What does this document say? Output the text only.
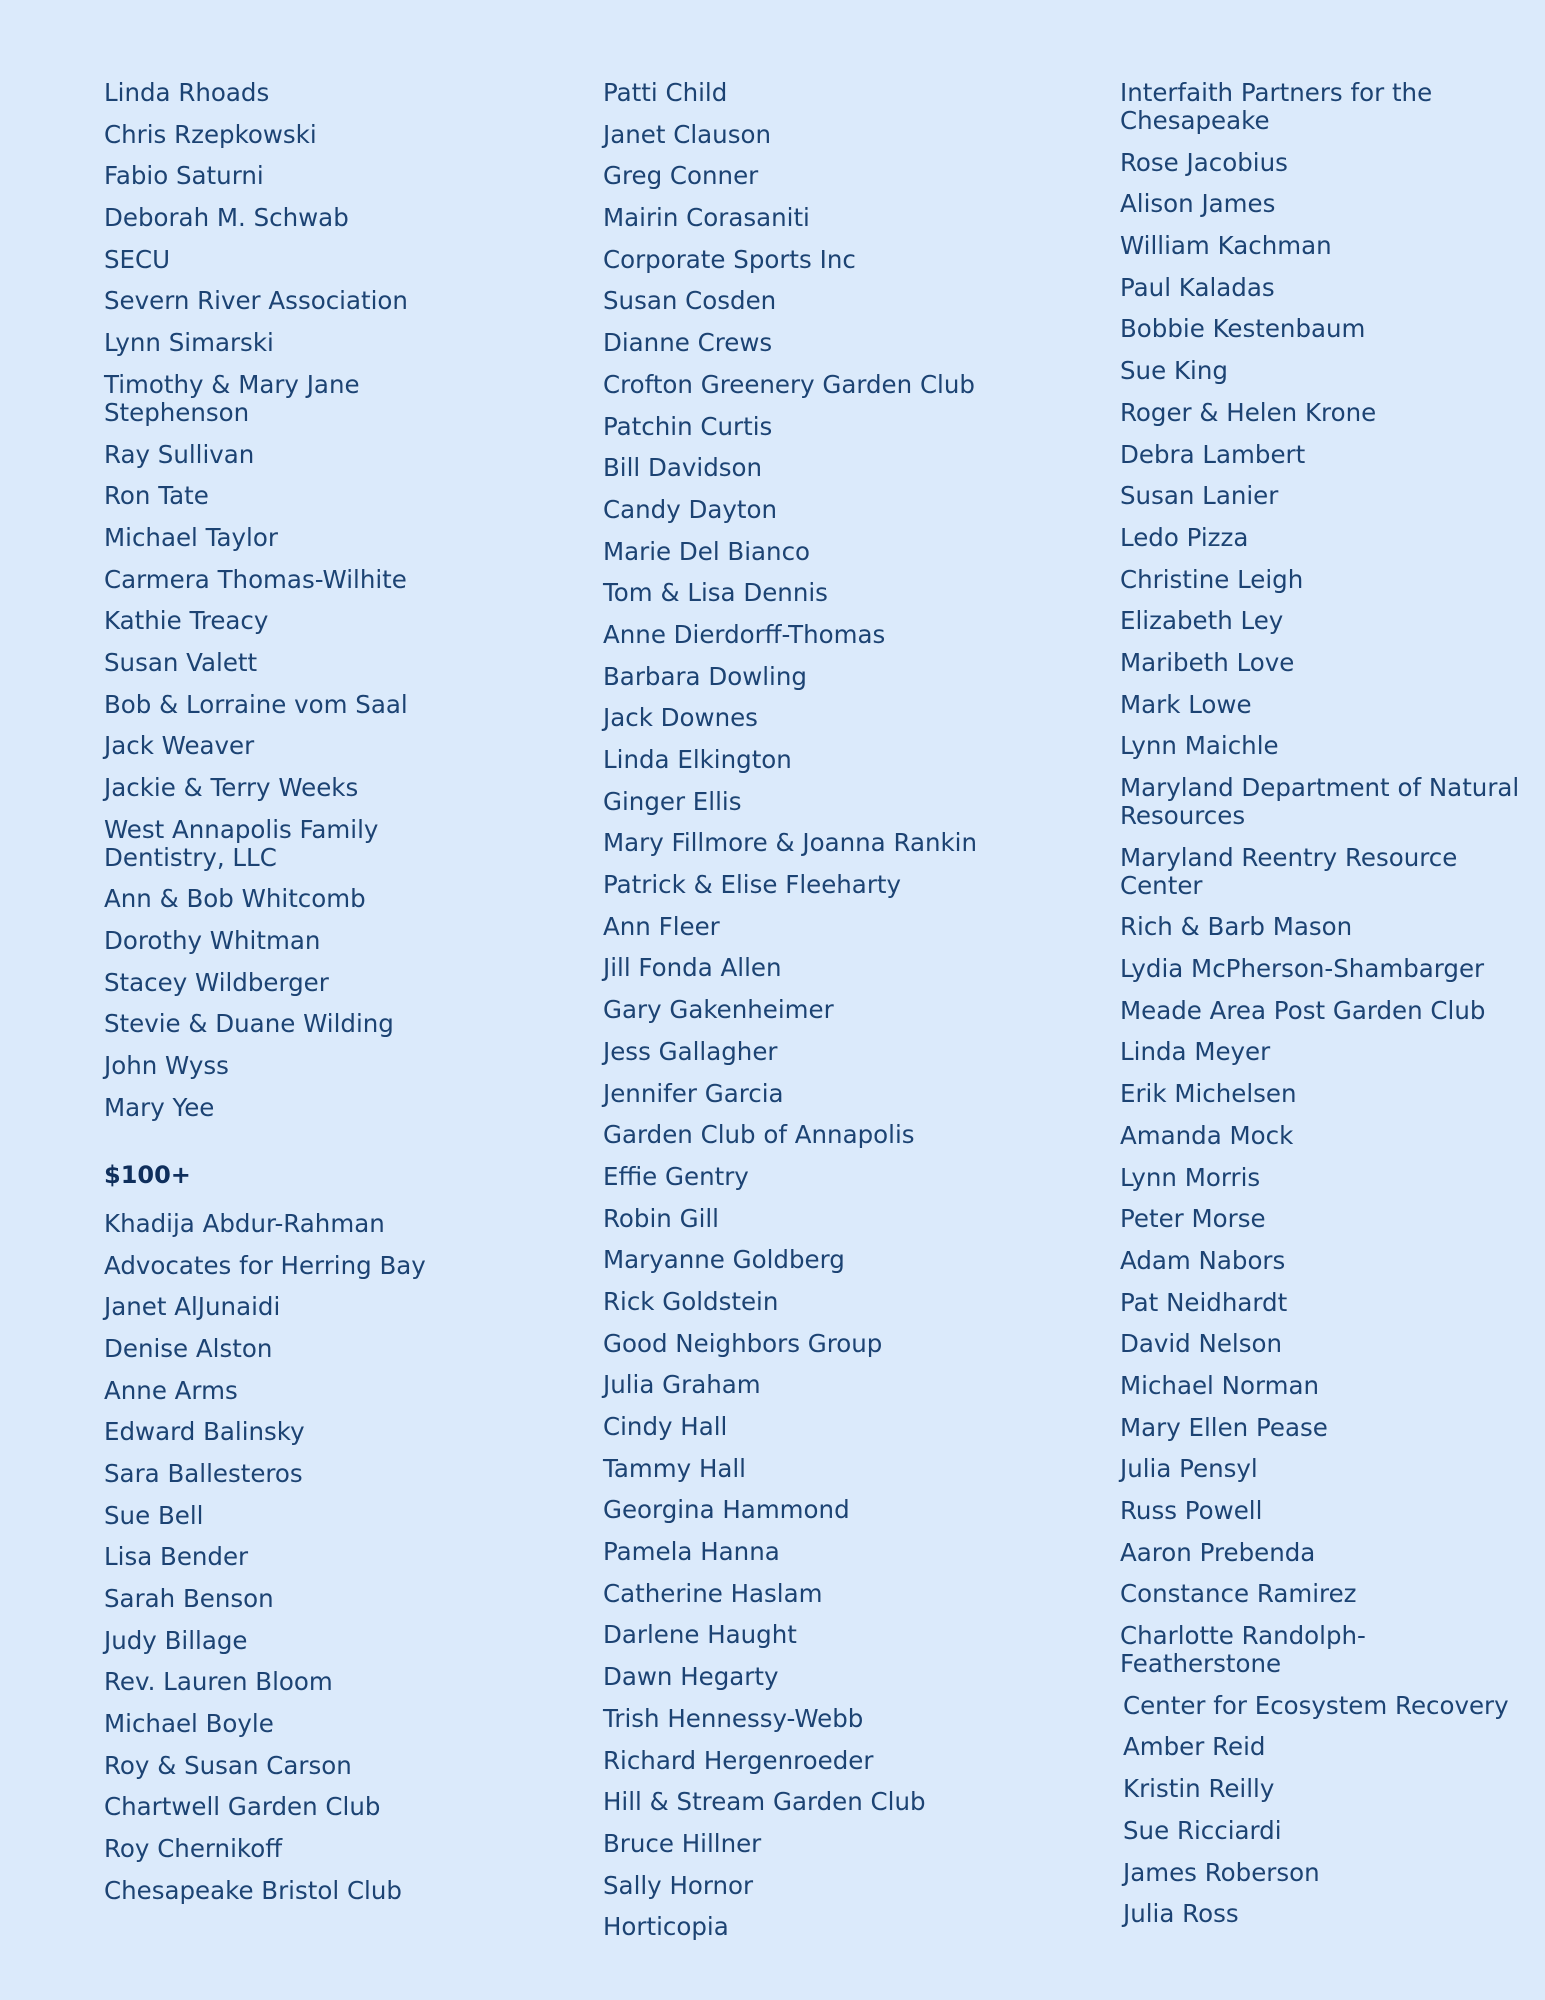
Linda Rhoads
Chris Rzepkowski
Fabio Saturni
Deborah M. Schwab
SECU
Severn River Association
Lynn Simarski
Timothy & Mary Jane Stephenson
Ray Sullivan
Ron Tate
Michael Taylor
Carmera Thomas-Wilhite
Kathie Treacy
Susan Valett
Bob & Lorraine vom Saal
Jack Weaver
Jackie & Terry Weeks
West Annapolis Family Dentistry, LLC
Ann & Bob Whitcomb
Dorothy Whitman
Stacey Wildberger
Stevie & Duane Wilding
John Wyss
Mary Yee
$100+
Khadija Abdur-Rahman
Advocates for Herring Bay
Janet AlJunaidi
Denise Alston
Anne Arms
Edward Balinsky
Sara Ballesteros
Sue Bell
Lisa Bender
Sarah Benson
Judy Billage
Rev. Lauren Bloom
Michael Boyle
Roy & Susan Carson
Chartwell Garden Club
Roy Chernikoff
Chesapeake Bristol Club
Patti Child
Janet Clauson
Greg Conner
Mairin Corasaniti
Corporate Sports Inc
Susan Cosden
Dianne Crews
Crofton Greenery Garden Club
Patchin Curtis
Bill Davidson
Candy Dayton
Marie Del Bianco
Tom & Lisa Dennis
Anne Dierdorff-Thomas
Barbara Dowling
Jack Downes
Linda Elkington
Ginger Ellis
Mary Fillmore & Joanna Rankin
Patrick & Elise Fleeharty
Ann Fleer
Jill Fonda Allen
Gary Gakenheimer
Jess Gallagher
Jennifer Garcia
Garden Club of Annapolis
Effie Gentry
Robin Gill
Maryanne Goldberg
Rick Goldstein
Good Neighbors Group
Julia Graham
Cindy Hall
Tammy Hall
Georgina Hammond
Pamela Hanna
Catherine Haslam
Darlene Haught
Dawn Hegarty
Trish Hennessy-Webb
Richard Hergenroeder
Hill & Stream Garden Club
Bruce Hillner
Sally Hornor
Horticopia
Interfaith Partners for the Chesapeake
Rose Jacobius
Alison James
William Kachman
Paul Kaladas
Bobbie Kestenbaum
Sue King
Roger & Helen Krone
Debra Lambert
Susan Lanier
Ledo Pizza
Christine Leigh
Elizabeth Ley
Maribeth Love
Mark Lowe
Lynn Maichle
Maryland Department of Natural Resources
Maryland Reentry Resource Center
Rich & Barb Mason
Lydia McPherson-Shambarger
Meade Area Post Garden Club
Linda Meyer
Erik Michelsen
Amanda Mock
Lynn Morris
Peter Morse
Adam Nabors
Pat Neidhardt
David Nelson
Michael Norman
Mary Ellen Pease
Julia Pensyl
Russ Powell
Aaron Prebenda
Constance Ramirez
Charlotte Randolph-Featherstone
Center for Ecosystem Recovery
Amber Reid
Kristin Reilly
Sue Ricciardi
James Roberson
Julia Ross
